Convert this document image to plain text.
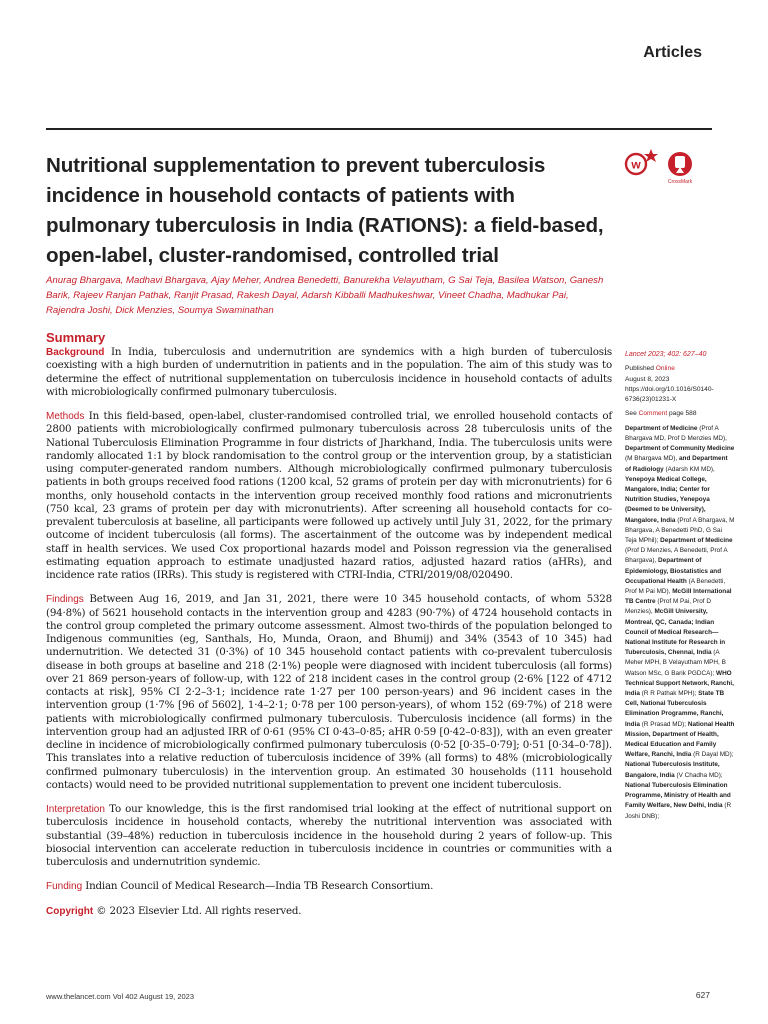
Articles
Nutritional supplementation to prevent tuberculosis incidence in household contacts of patients with pulmonary tuberculosis in India (RATIONS): a field-based, open-label, cluster-randomised, controlled trial
w
CrossMark

Anurag Bhargava, Madhavi Bhargava, Ajay Meher, Andrea Benedetti, Banurekha Velayutham, G Sai Teja, Basilea Watson, Ganesh Barik, Rajeev Ranjan Pathak, Ranjit Prasad, Rakesh Dayal, Adarsh Kibballi Madhukeshwar, Vineet Chadha, Madhukar Pai, Rajendra Joshi, Dick Menzies, Soumya Swaminathan

Summary

Background In India, tuberculosis and undernutrition are syndemics with a high burden of tuberculosis coexisting with a high burden of undernutrition in patients and in the population. The aim of this study was to determine the effect of nutritional supplementation on tuberculosis incidence in household contacts of adults with microbiologically confirmed pulmonary tuberculosis.

Methods In this field-based, open-label, cluster-randomised controlled trial, we enrolled household contacts of 2800 patients with microbiologically confirmed pulmonary tuberculosis across 28 tuberculosis units of the National Tuberculosis Elimination Programme in four districts of Jharkhand, India. The tuberculosis units were randomly allocated 1:1 by block randomisation to the control group or the intervention group, by a statistician using computer-generated random numbers. Although microbiologically confirmed pulmonary tuberculosis patients in both groups received food rations (1200 kcal, 52 grams of protein per day with micronutrients) for 6 months, only household contacts in the intervention group received monthly food rations and micronutrients (750 kcal, 23 grams of protein per day with micronutrients). After screening all household contacts for co-prevalent tuberculosis at baseline, all participants were followed up actively until July 31, 2022, for the primary outcome of incident tuberculosis (all forms). The ascertainment of the outcome was by independent medical staff in health services. We used Cox proportional hazards model and Poisson regression via the generalised estimating equation approach to estimate unadjusted hazard ratios, adjusted hazard ratios (aHRs), and incidence rate ratios (IRRs). This study is registered with CTRI-India, CTRI/2019/08/020490.

Findings Between Aug 16, 2019, and Jan 31, 2021, there were 10 345 household contacts, of whom 5328 (94·8%) of 5621 household contacts in the intervention group and 4283 (90·7%) of 4724 household contacts in the control group completed the primary outcome assessment. Almost two-thirds of the population belonged to Indigenous communities (eg, Santhals, Ho, Munda, Oraon, and Bhumij) and 34% (3543 of 10 345) had undernutrition. We detected 31 (0·3%) of 10 345 household contact patients with co-prevalent tuberculosis disease in both groups at baseline and 218 (2·1%) people were diagnosed with incident tuberculosis (all forms) over 21 869 person-years of follow-up, with 122 of 218 incident cases in the control group (2·6% [122 of 4712 contacts at risk], 95% CI 2·2–3·1; incidence rate 1·27 per 100 person-years) and 96 incident cases in the intervention group (1·7% [96 of 5602], 1·4–2·1; 0·78 per 100 person-years), of whom 152 (69·7%) of 218 were patients with microbiologically confirmed pulmonary tuberculosis. Tuberculosis incidence (all forms) in the intervention group had an adjusted IRR of 0·61 (95% CI 0·43–0·85; aHR 0·59 [0·42–0·83]), with an even greater decline in incidence of microbiologically confirmed pulmonary tuberculosis (0·52 [0·35–0·79]; 0·51 [0·34–0·78]). This translates into a relative reduction of tuberculosis incidence of 39% (all forms) to 48% (microbiologically confirmed pulmonary tuberculosis) in the intervention group. An estimated 30 households (111 household contacts) would need to be provided nutritional supplementation to prevent one incident tuberculosis.

Interpretation To our knowledge, this is the first randomised trial looking at the effect of nutritional support on tuberculosis incidence in household contacts, whereby the nutritional intervention was associated with substantial (39–48%) reduction in tuberculosis incidence in the household during 2 years of follow-up. This biosocial intervention can accelerate reduction in tuberculosis incidence in countries or communities with a tuberculosis and undernutrition syndemic.

Funding Indian Council of Medical Research—India TB Research Consortium.

Copyright © 2023 Elsevier Ltd. All rights reserved.

Lancet 2023; 402: 627–40
Published Online
August 8, 2023
https://doi.org/10.1016/S0140-6736(23)01231-X
See Comment page 588
Department of Medicine (Prof A Bhargava MD, Prof D Menzies MD), Department of Community Medicine (M Bhargava MD), and Department of Radiology (Adarsh KM MD), Yenepoya Medical College, Mangalore, India; Center for Nutrition Studies, Yenepoya (Deemed to be University), Mangalore, India (Prof A Bhargava, M Bhargava, A Benedetti PhD, G Sai Teja MPhil); Department of Medicine (Prof D Menzies, A Benedetti, Prof A Bhargava), Department of Epidemiology, Biostatistics and Occupational Health (A Benedetti, Prof M Pai MD), McGill International TB Centre (Prof M Pai, Prof D Menzies), McGill University, Montreal, QC, Canada; Indian Council of Medical Research—National Institute for Research in Tuberculosis, Chennai, India (A Meher MPH, B Velayutham MPH, B Watson MSc, G Barik PGDCA); WHO Technical Support Network, Ranchi, India (R R Pathak MPH); State TB Cell, National Tuberculosis Elimination Programme, Ranchi, India (R Prasad MD); National Health Mission, Department of Health, Medical Education and Family Welfare, Ranchi, India (R Dayal MD); National Tuberculosis Institute, Bangalore, India (V Chadha MD); National Tuberculosis Elimination Programme, Ministry of Health and Family Welfare, New Delhi, India (R Joshi DNB);
www.thelancet.com Vol 402 August 19, 2023	627
